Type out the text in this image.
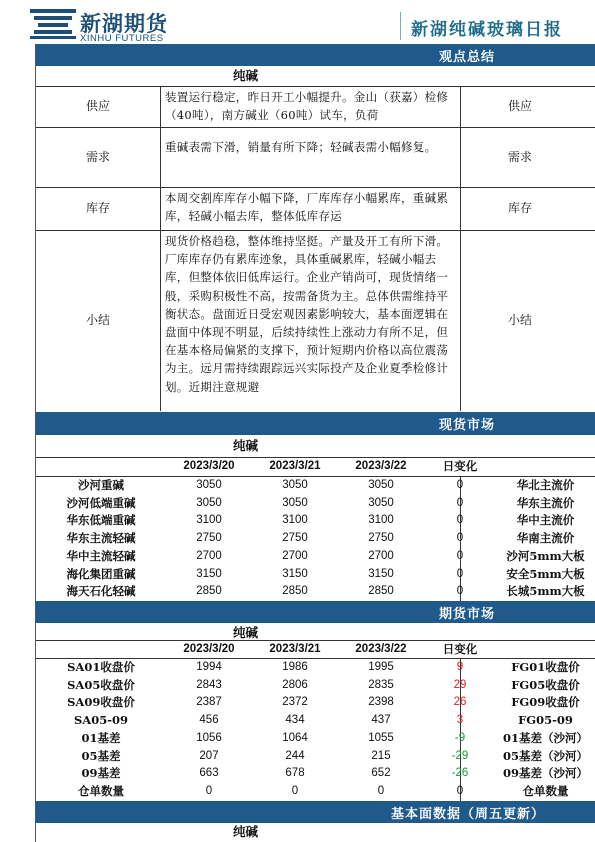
新湖期货
XINHU FUTURES	新湖纯碱玻璃日报
观点总结
纯碱
供应
装置运行稳定，昨日开工小幅提升。金山（获嘉）检修（40吨），南方碱业（60吨）试车，负荷
供应
需求
重碱表需下滑，销量有所下降；轻碱表需小幅修复。
需求
库存
本周交割库库存小幅下降，厂库库存小幅累库，重碱累库，轻碱小幅去库，整体低库存运
库存
小结
现货价格趋稳，整体维持坚挺。产量及开工有所下滑。厂库库存仍有累库迹象，具体重碱累库，轻碱小幅去库，但整体依旧低库运行。企业产销尚可，现货情绪一般，采购积极性不高，按需备货为主。总体供需维持平衡状态。盘面近日受宏观因素影响较大，基本面逻辑在盘面中体现不明显，后续持续性上涨动力有所不足，但在基本格局偏紧的支撑下，预计短期内价格以高位震荡为主。远月需持续跟踪远兴实际投产及企业夏季检修计划。近期注意规避
小结
现货市场
纯碱
2023/3/20	2023/3/21	2023/3/22	日变化
沙河重碱	3050	3050	3050	0	华北主流价
沙河低端重碱	3050	3050	3050	0	华东主流价
华东低端重碱	3100	3100	3100	0	华中主流价
华东主流轻碱	2750	2750	2750	0	华南主流价
华中主流轻碱	2700	2700	2700	0	沙河5mm大板
海化集团重碱	3150	3150	3150	0	安全5mm大板
海天石化轻碱	2850	2850	2850	0	长城5mm大板
期货市场
纯碱
2023/3/20	2023/3/21	2023/3/22	日变化
SA01收盘价	1994	1986	1995	9	FG01收盘价
SA05收盘价	2843	2806	2835	29	FG05收盘价
SA09收盘价	2387	2372	2398	26	FG09收盘价
SA05-09	456	434	437	3	FG05-09
01基差	1056	1064	1055	-9	01基差（沙河）
05基差	207	244	215	-29	05基差（沙河）
09基差	663	678	652	-26	09基差（沙河）
仓单数量	0	0	0	0	仓单数量
基本面数据（周五更新）
纯碱
